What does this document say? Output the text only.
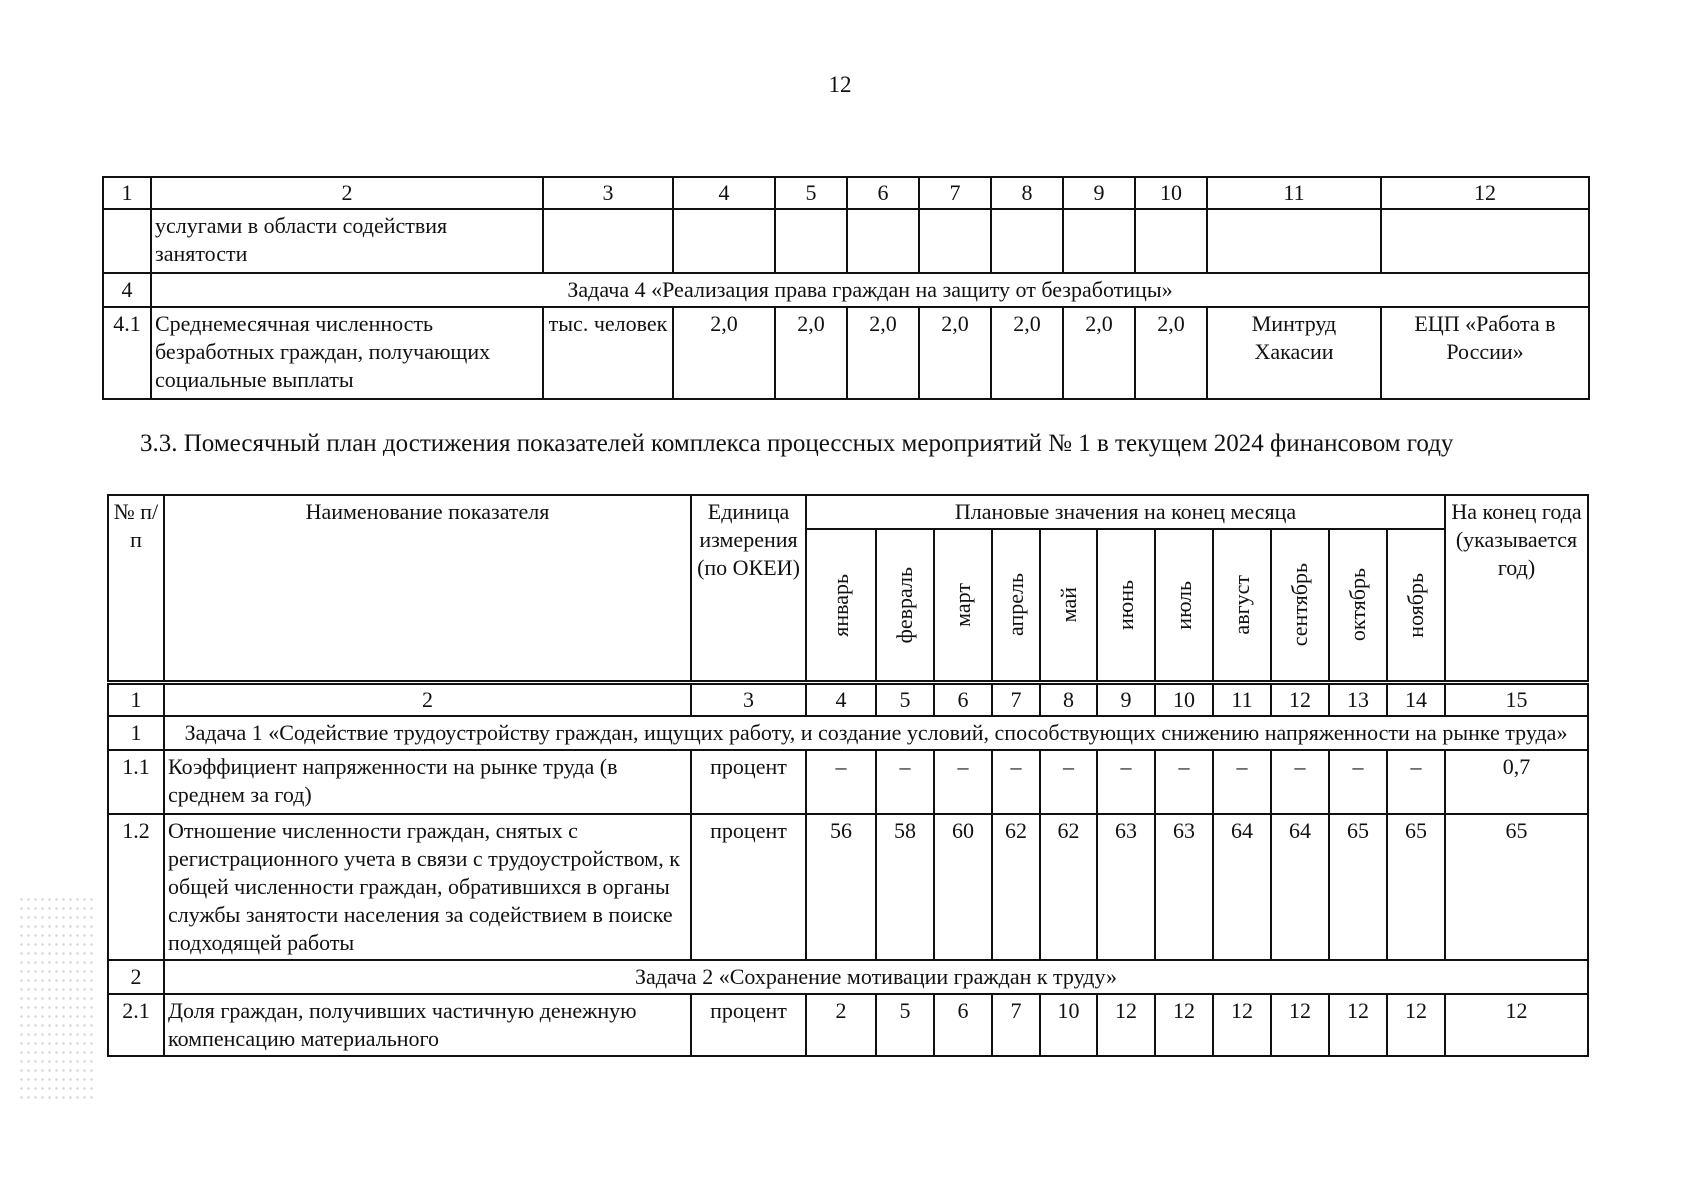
12
1	2	3	4	5	6	7	8	9	10	11	12
	услугами в области содействия занятости										
4	Задача 4 «Реализация права граждан на защиту от безработицы»										
4.1	Среднемесячная численность безработных граждан, получающих социальные выплаты	тыс. человек	2,0	2,0	2,0	2,0	2,0	2,0	2,0	Минтруд Хакасии	ЕЦП «Работа в России»
3.3. Помесячный план достижения показателей комплекса процессных мероприятий № 1 в текущем 2024 финансовом году
№ п/п	Наименование показателя	Единица измерения (по ОКЕИ)	Плановые значения на конец месяца											На конец года (указывается год)

			январь	февраль	март	апрель	май	июнь	июль	август	сентябрь	октябрь	ноябрь	

1	2	3	4	5	6	7	8	9	10	11	12	13	14	15
1	Задача 1 «Содействие трудоустройству граждан, ищущих работу, и создание условий, способствующих снижению напряженности на рынке труда»													
1.1	Коэффициент напряженности на рынке труда (в среднем за год)	процент	–	–	–	–	–	–	–	–	–	–	–	0,7
1.2	Отношение численности граждан, снятых с регистрационного учета в связи с трудоустройством, к общей численности граждан, обратившихся в органы службы занятости населения за содействием в поиске подходящей работы	процент	56	58	60	62	62	63	63	64	64	65	65	65
2	Задача 2 «Сохранение мотивации граждан к труду»													
2.1	Доля граждан, получивших частичную денежную компенсацию материального	процент	2	5	6	7	10	12	12	12	12	12	12	12
